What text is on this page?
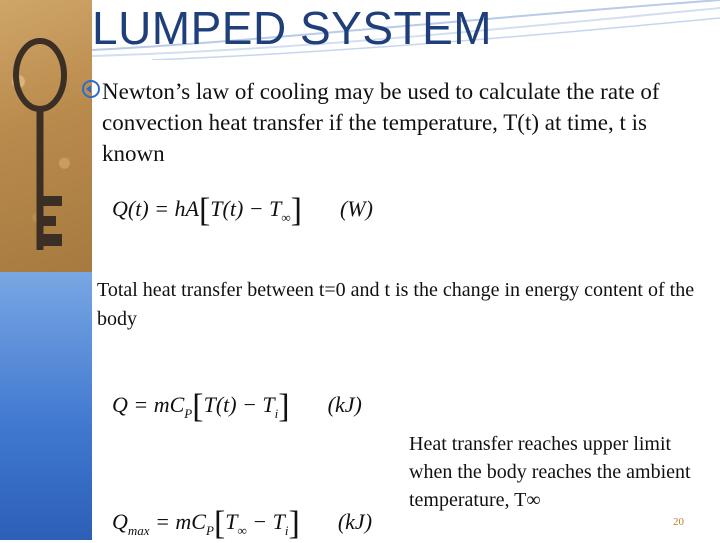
LUMPED SYSTEM
Newton’s law of cooling may be used to calculate the rate of convection heat transfer if the temperature, T(t) at time, t is known
$Q(t) = hA[T(t) - T_\infty]$ (W)
Total heat transfer between t=0 and t is the change in energy content of the body
$Q = mC_P[T(t) - T_i]$ (kJ)
Heat transfer reaches upper limit when the body reaches the ambient temperature, T∞
$Q_{max} = mC_P[T_\infty - T_i]$ (kJ)	20
